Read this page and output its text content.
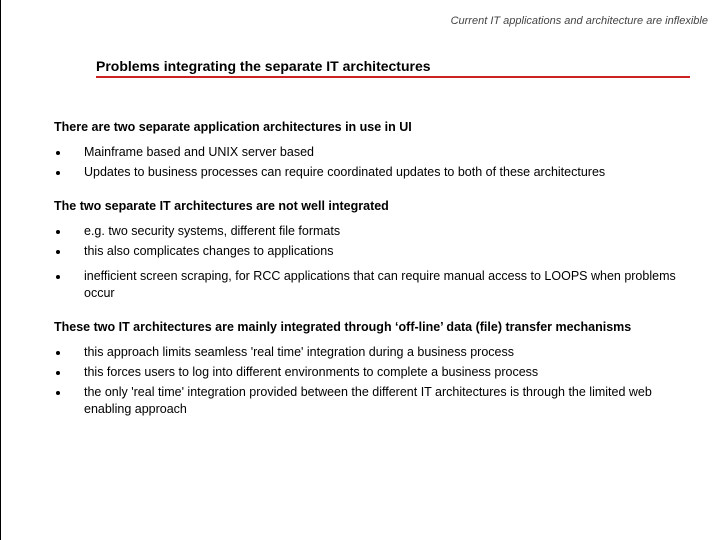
Current IT applications and architecture are inflexible
Problems integrating the separate IT architectures
There are two separate application architectures in use in UI
Mainframe based and UNIX server based
Updates to business processes can require coordinated updates to both of these architectures
The two separate IT architectures are not well integrated
e.g. two security systems, different file formats
this also complicates changes to applications
inefficient screen scraping, for RCC applications that can require manual access to LOOPS when problems occur
These two IT architectures are mainly integrated through ‘off-line’ data (file) transfer mechanisms
this approach limits seamless 'real time' integration during a business process
this forces users to log into different environments to complete a business process
the only 'real time' integration provided between the different IT architectures is through the limited web enabling approach
